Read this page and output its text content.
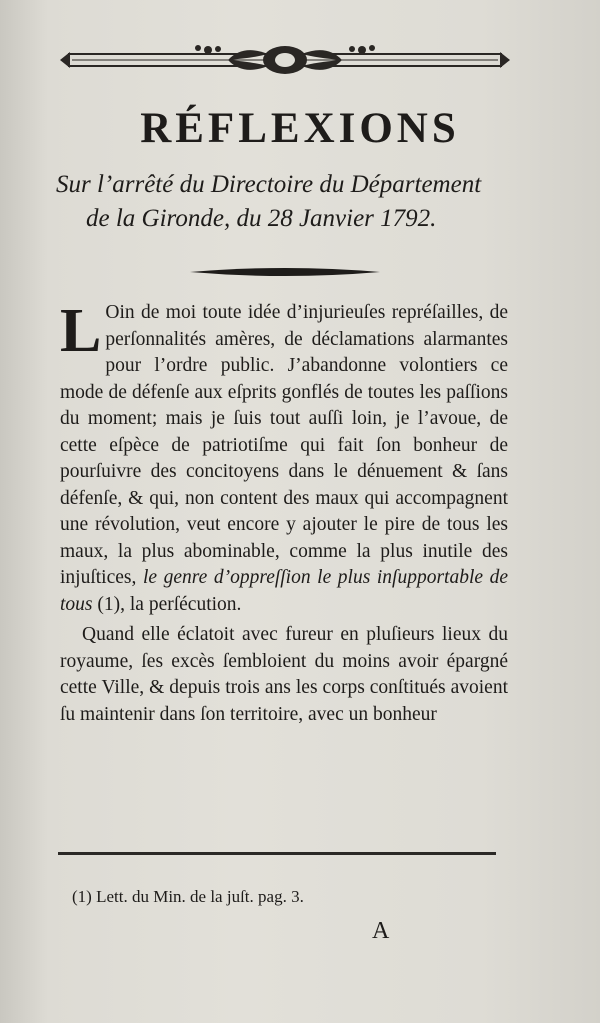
RÉFLEXIONS

Sur l’arrêté du Directoire du Département
de la Gironde, du 28 Janvier 1792.

L Oin de moi toute idée d’injurieuſes repréſailles, de perſonnalités amères, de déclamations alarmantes pour l’ordre public. J’abandonne volontiers ce mode de défenſe aux eſprits gonflés de toutes les paſſions du moment; mais je ſuis tout auſſi loin, je l’avoue, de cette eſpèce de patriotiſme qui fait ſon bonheur de pourſuivre des concitoyens dans le dénuement & ſans défenſe, & qui, non content des maux qui accompagnent une révolution, veut encore y ajouter le pire de tous les maux, la plus abominable, comme la plus inutile des injuſtices, le genre d’oppreſſion le plus inſupportable de tous (1), la perſécution.

Quand elle éclatoit avec fureur en pluſieurs lieux du royaume, ſes excès ſembloient du moins avoir épargné cette Ville, & depuis trois ans les corps conſtitués avoient ſu maintenir dans ſon territoire, avec un bonheur

(1) Lett. du Min. de la juſt. pag. 3.

A
